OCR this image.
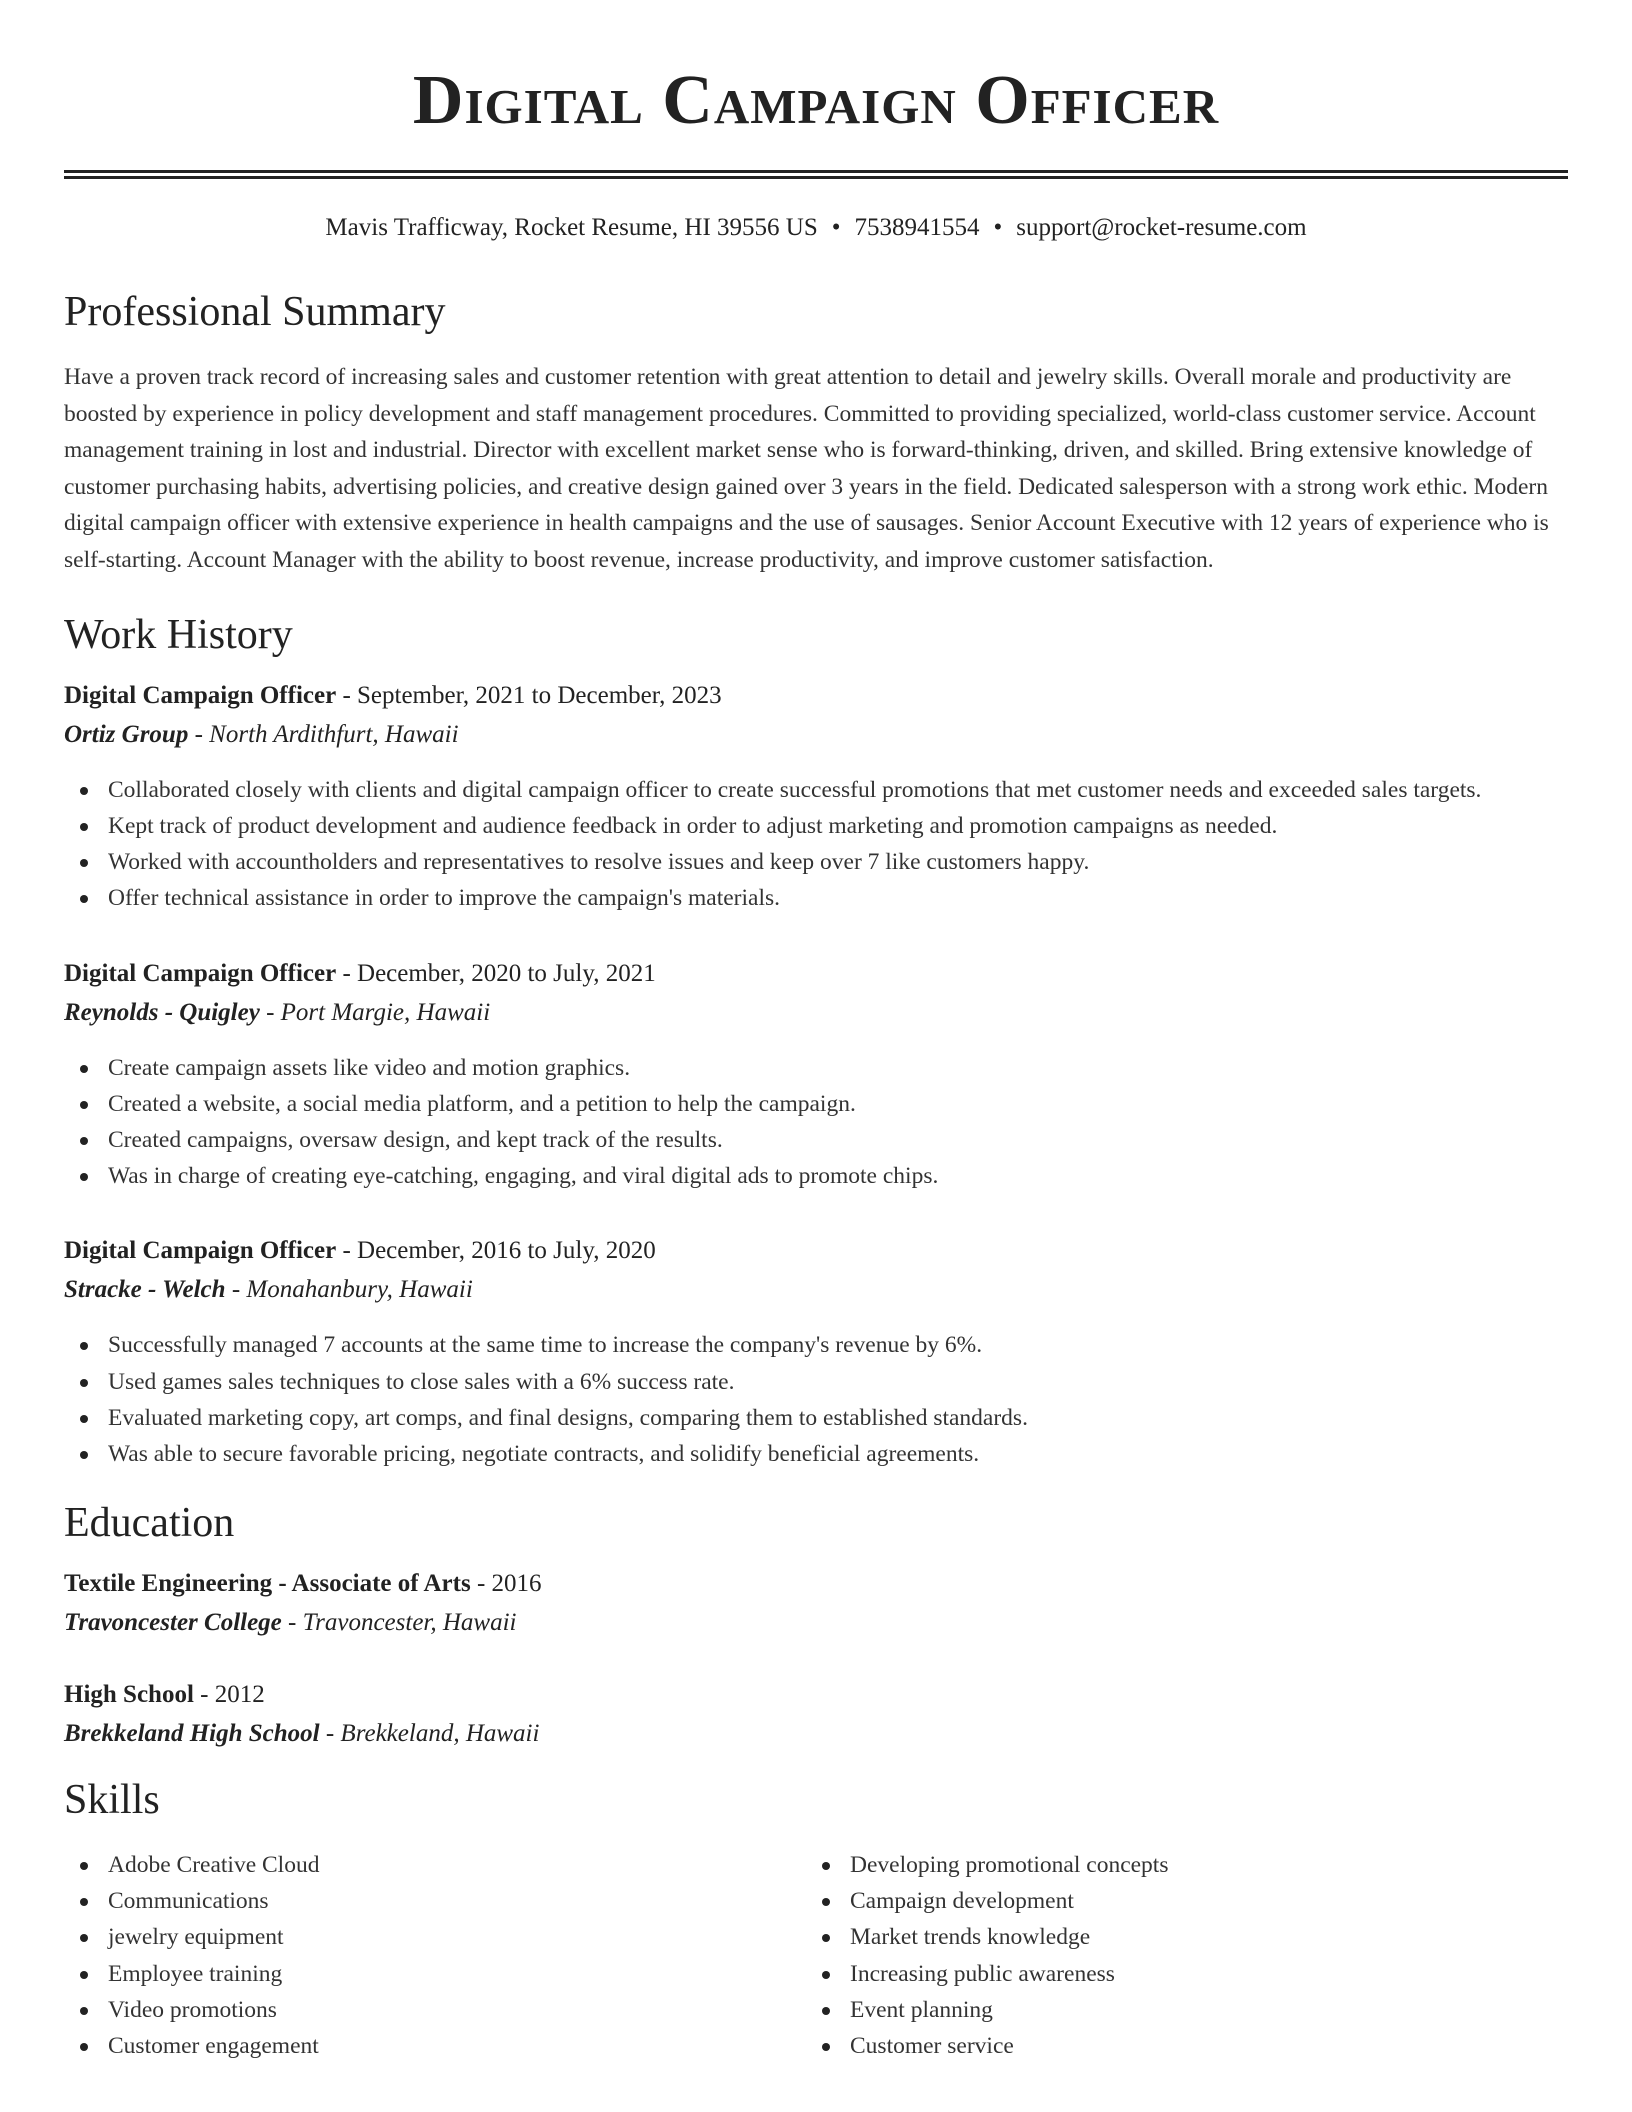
Digital Campaign Officer
Mavis Trafficway, Rocket Resume, HI 39556 US • 7538941554 • support@rocket-resume.com
Professional Summary

Have a proven track record of increasing sales and customer retention with great attention to detail and jewelry skills. Overall morale and productivity are boosted by experience in policy development and staff management procedures. Committed to providing specialized, world-class customer service. Account management training in lost and industrial. Director with excellent market sense who is forward-thinking, driven, and skilled. Bring extensive knowledge of customer purchasing habits, advertising policies, and creative design gained over 3 years in the field. Dedicated salesperson with a strong work ethic. Modern digital campaign officer with extensive experience in health campaigns and the use of sausages. Senior Account Executive with 12 years of experience who is self-starting. Account Manager with the ability to boost revenue, increase productivity, and improve customer satisfaction.

Work History
Digital Campaign Officer - September, 2021 to December, 2023
Ortiz Group - North Ardithfurt, Hawaii
Collaborated closely with clients and digital campaign officer to create successful promotions that met customer needs and exceeded sales targets.
Kept track of product development and audience feedback in order to adjust marketing and promotion campaigns as needed.
Worked with accountholders and representatives to resolve issues and keep over 7 like customers happy.
Offer technical assistance in order to improve the campaign's materials.
Digital Campaign Officer - December, 2020 to July, 2021
Reynolds - Quigley - Port Margie, Hawaii
Create campaign assets like video and motion graphics.
Created a website, a social media platform, and a petition to help the campaign.
Created campaigns, oversaw design, and kept track of the results.
Was in charge of creating eye-catching, engaging, and viral digital ads to promote chips.
Digital Campaign Officer - December, 2016 to July, 2020
Stracke - Welch - Monahanbury, Hawaii
Successfully managed 7 accounts at the same time to increase the company's revenue by 6%.
Used games sales techniques to close sales with a 6% success rate.
Evaluated marketing copy, art comps, and final designs, comparing them to established standards.
Was able to secure favorable pricing, negotiate contracts, and solidify beneficial agreements.
Education
Textile Engineering - Associate of Arts - 2016
Travoncester College - Travoncester, Hawaii
High School - 2012
Brekkeland High School - Brekkeland, Hawaii
Skills
Adobe Creative Cloud
Communications
jewelry equipment
Employee training
Video promotions
Customer engagement
Developing promotional concepts
Campaign development
Market trends knowledge
Increasing public awareness
Event planning
Customer service
